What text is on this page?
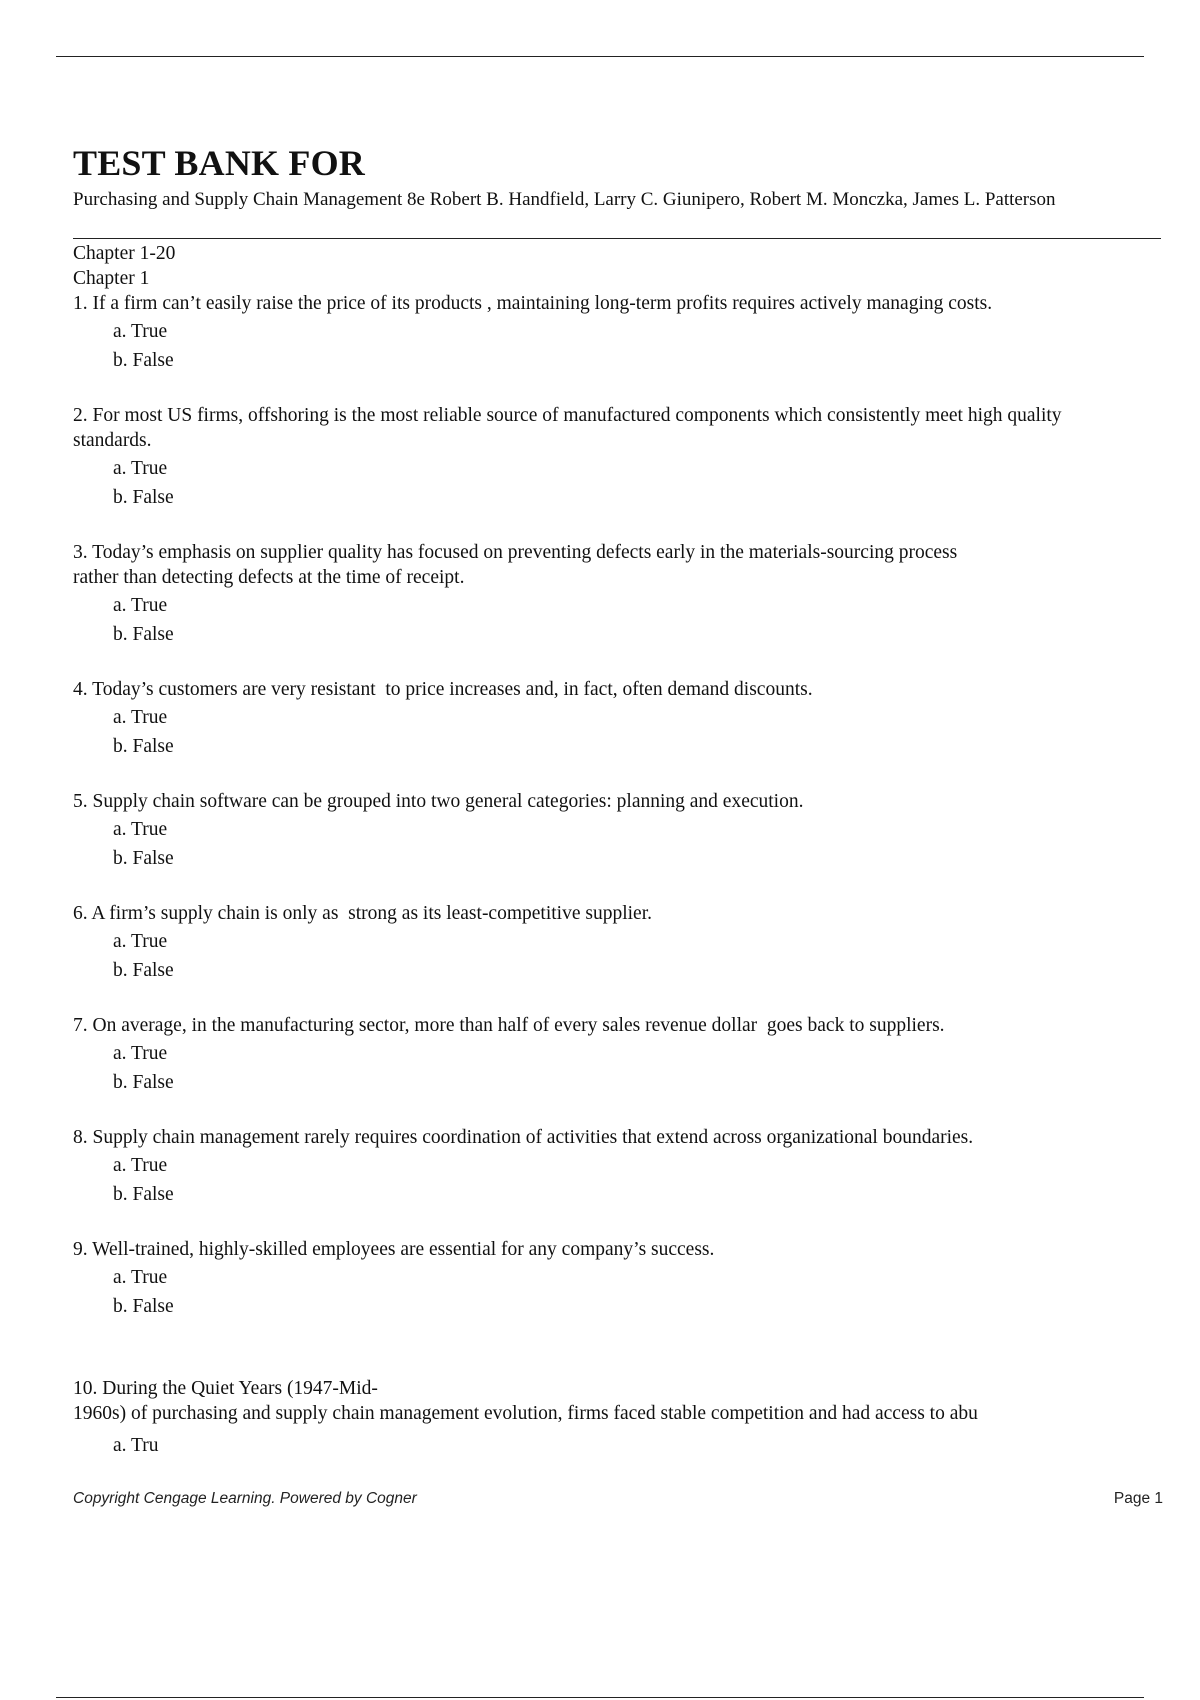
TEST BANK FOR
Purchasing and Supply Chain Management 8e Robert B. Handfield, Larry C. Giunipero, Robert M. Monczka, James L. Patterson
Chapter 1-20
Chapter 1
1. If a firm can’t easily raise the price of its products , maintaining long-term profits requires actively managing costs.
a. True
b. False
2. For most US firms, offshoring is the most reliable source of manufactured components which consistently meet high quality standards.
a. True
b. False
3. Today’s emphasis on supplier quality has focused on preventing defects early in the materials-sourcing process rather than detecting defects at the time of receipt.
a. True
b. False
4. Today’s customers are very resistant  to price increases and, in fact, often demand discounts.
a. True
b. False
5. Supply chain software can be grouped into two general categories: planning and execution.
a. True
b. False
6. A firm’s supply chain is only as  strong as its least-competitive supplier.
a. True
b. False
7. On average, in the manufacturing sector, more than half of every sales revenue dollar  goes back to suppliers.
a. True
b. False
8. Supply chain management rarely requires coordination of activities that extend across organizational boundaries.
a. True
b. False
9. Well-trained, highly-skilled employees are essential for any company’s success.
a. True
b. False
10. During the Quiet Years (1947-Mid-
1960s) of purchasing and supply chain management evolution, firms faced stable competition and had access to abu
a. Tru
Copyright Cengage Learning. Powered by Cogner	Page 1
